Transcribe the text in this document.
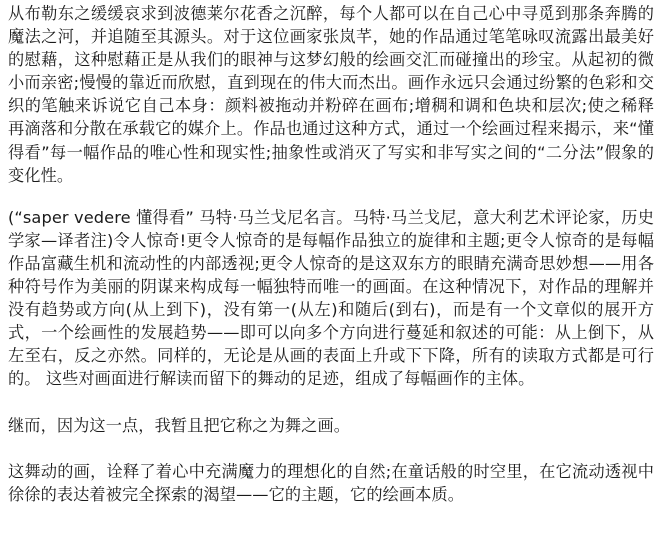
从布勒东之缓缓哀求到波德莱尔花香之沉醉，每个人都可以在自己心中寻觅到那条奔腾的魔法之河，并追随至其源头。对于这位画家张岚芊，她的作品通过笔笔咏叹流露出最美好的慰藉，这种慰藉正是从我们的眼神与这梦幻般的绘画交汇而碰撞出的珍宝。从起初的微小而亲密;慢慢的靠近而欣慰，直到现在的伟大而杰出。画作永远只会通过纷繁的色彩和交织的笔触来诉说它自己本身：颜料被拖动并粉碎在画布;增稠和调和色块和层次;使之稀释再滴落和分散在承载它的媒介上。作品也通过这种方式，通过一个绘画过程来揭示，来“懂得看”每一幅作品的唯心性和现实性;抽象性或消灭了写实和非写实之间的“二分法”假象的变化性。

(“saper vedere 懂得看” 马特·马兰戈尼名言。马特·马兰戈尼，意大利艺术评论家，历史学家—译者注)令人惊奇!更令人惊奇的是每幅作品独立的旋律和主题;更令人惊奇的是每幅作品富藏生机和流动性的内部透视;更令人惊奇的是这双东方的眼睛充满奇思妙想——用各种符号作为美丽的阴谋来构成每一幅独特而唯一的画面。在这种情况下，对作品的理解并没有趋势或方向(从上到下)，没有第一(从左)和随后(到右)，而是有一个文章似的展开方式，一个绘画性的发展趋势——即可以向多个方向进行蔓延和叙述的可能：从上倒下，从左至右，反之亦然。同样的，无论是从画的表面上升或下下降，所有的读取方式都是可行的。 这些对画面进行解读而留下的舞动的足迹，组成了每幅画作的主体。

继而，因为这一点，我暂且把它称之为舞之画。

这舞动的画，诠释了着心中充满魔力的理想化的自然;在童话般的时空里，在它流动透视中徐徐的表达着被完全探索的渴望——它的主题，它的绘画本质。
